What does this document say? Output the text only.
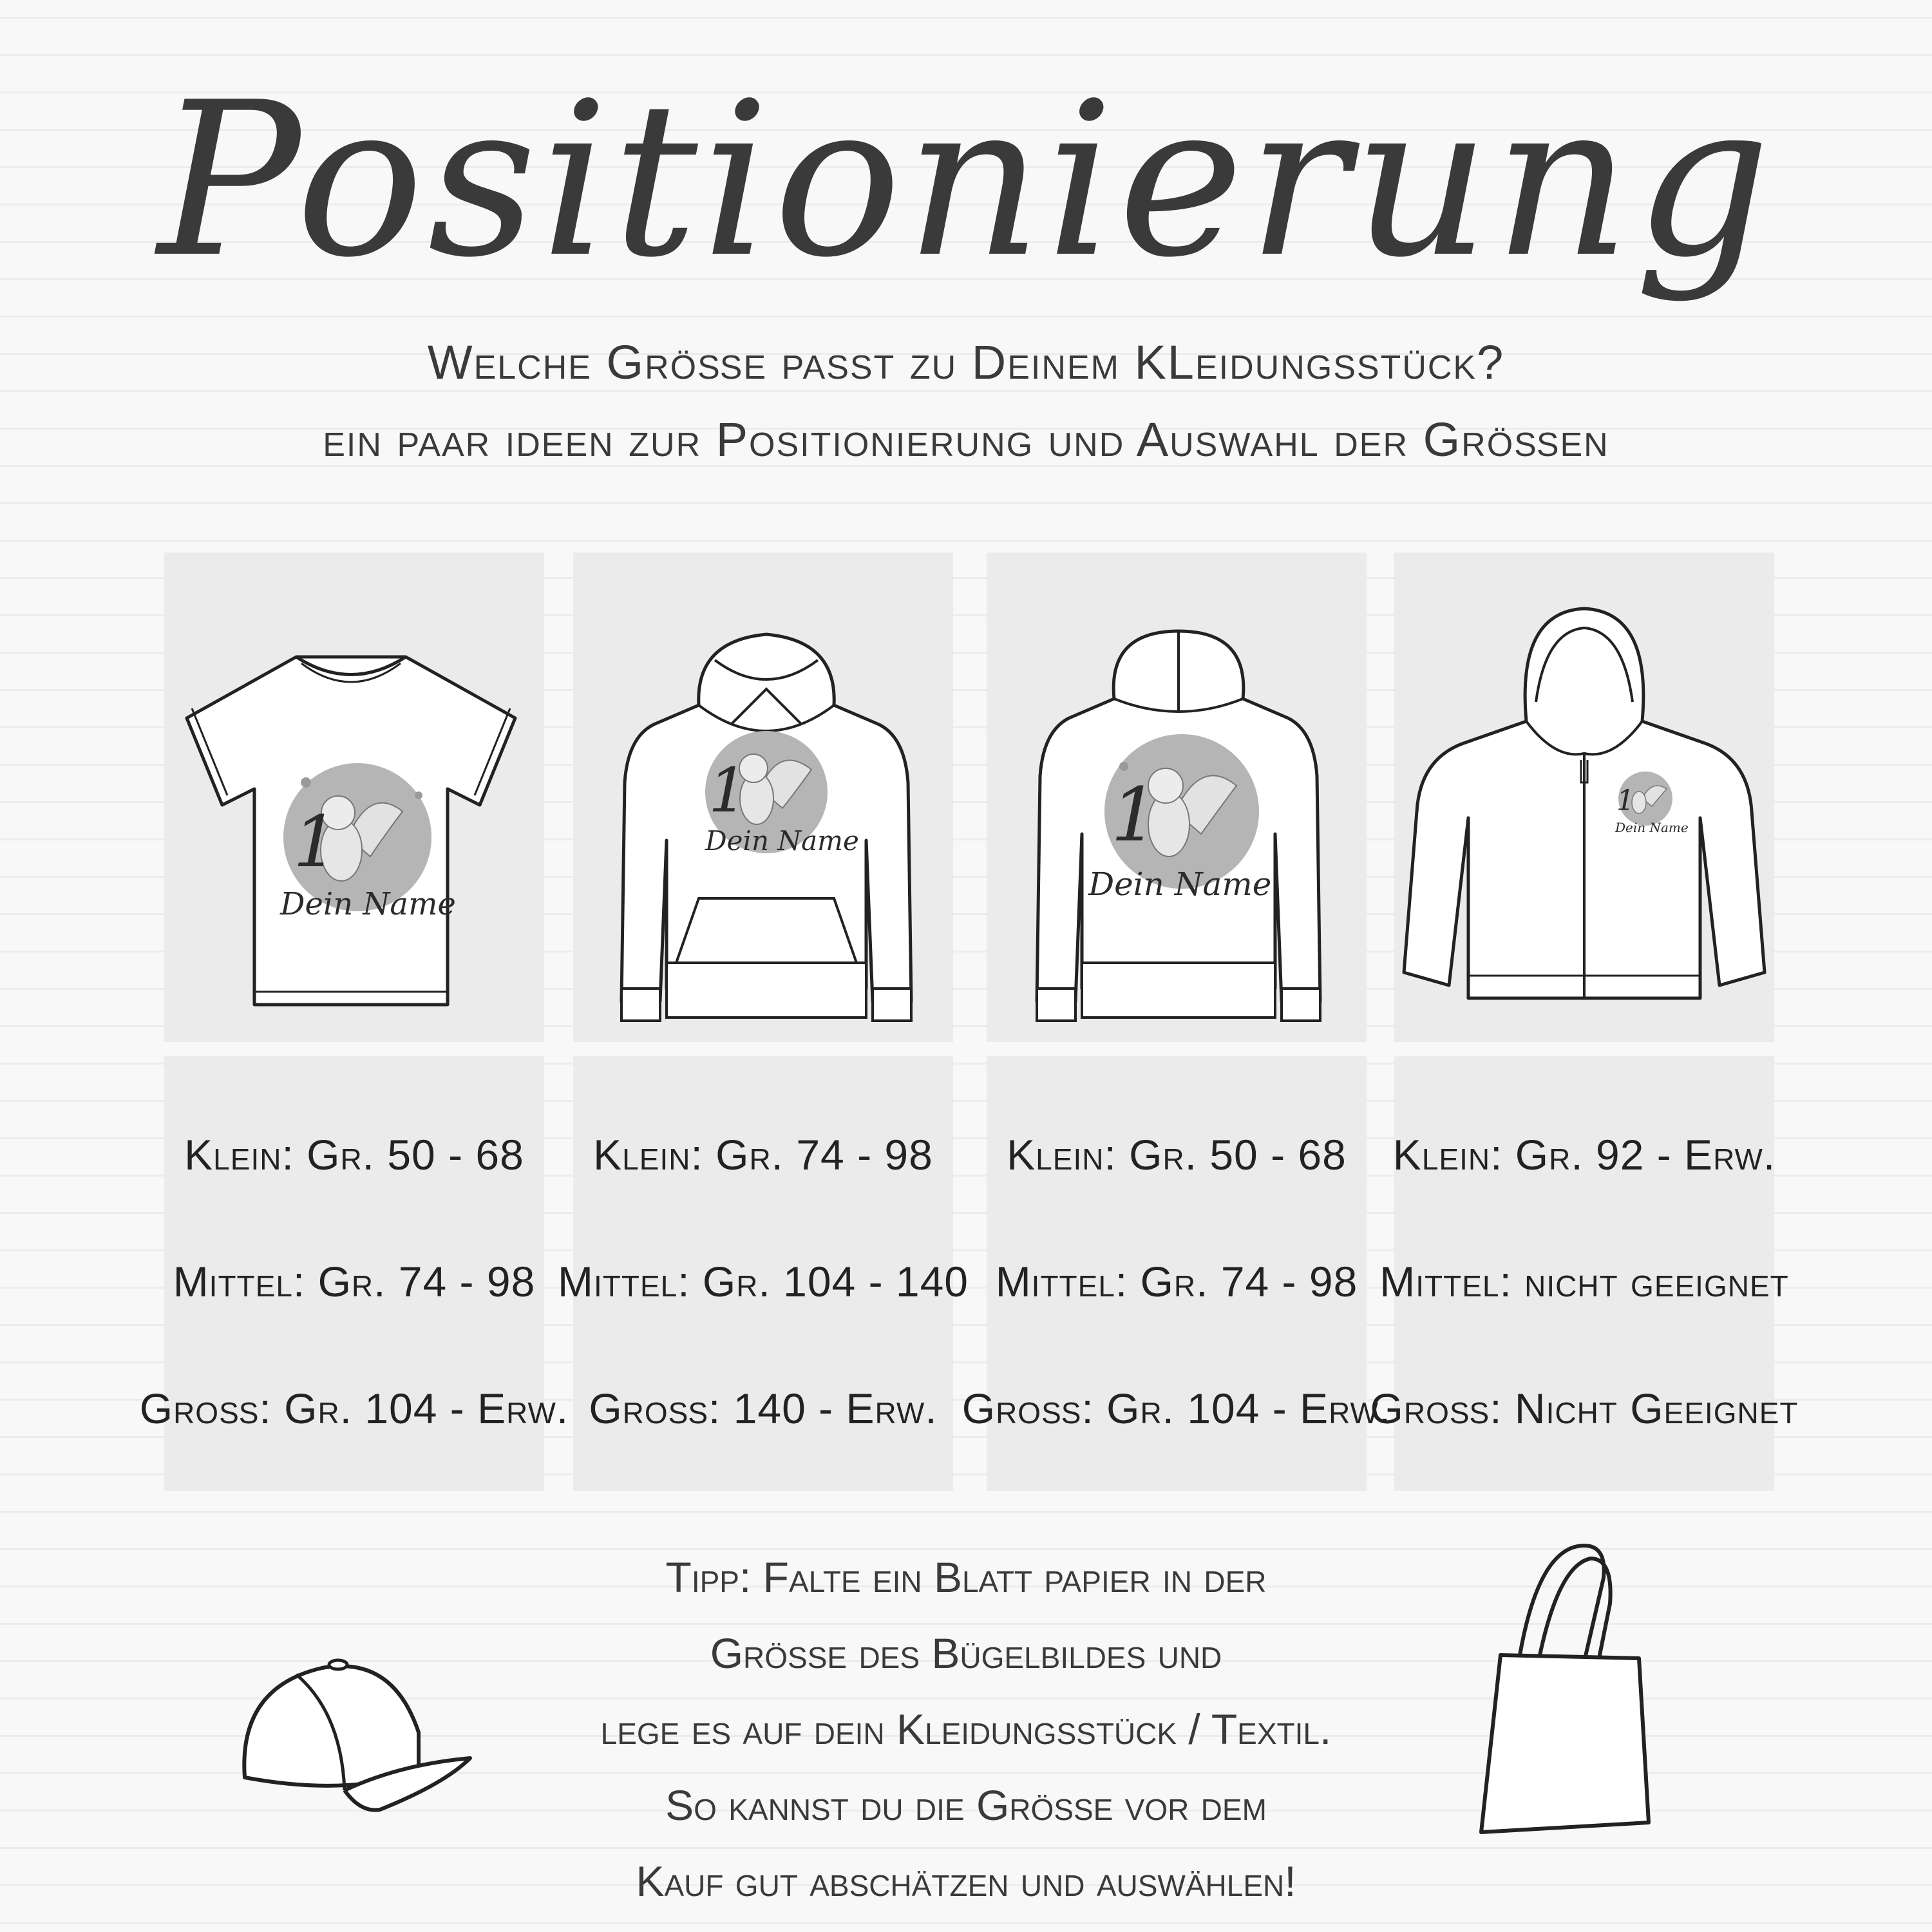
Positionierung
Welche Größe passt zu Deinem KLeidungsstück?
ein paar ideen zur Positionierung und Auswahl der Größen
1
Dein Name
1
Dein Name	1
Dein Name
1
Dein Name
Klein: Gr. 50 - 68
Mittel: Gr. 74 - 98
Groß: Gr. 104 - Erw.
Klein: Gr. 74 - 98
Mittel: Gr. 104 - 140
Groß: 140 - Erw.
Klein: Gr. 50 - 68
Mittel: Gr. 74 - 98
Groß: Gr. 104 - Erw.
Klein: Gr. 92 - Erw.
Mittel: nicht geeignet
Groß: Nicht Geeignet
Tipp: Falte ein Blatt papier in der
Größe des Bügelbildes und
lege es auf dein Kleidungsstück / Textil.
So kannst du die Größe vor dem
Kauf gut abschätzen und auswählen!
